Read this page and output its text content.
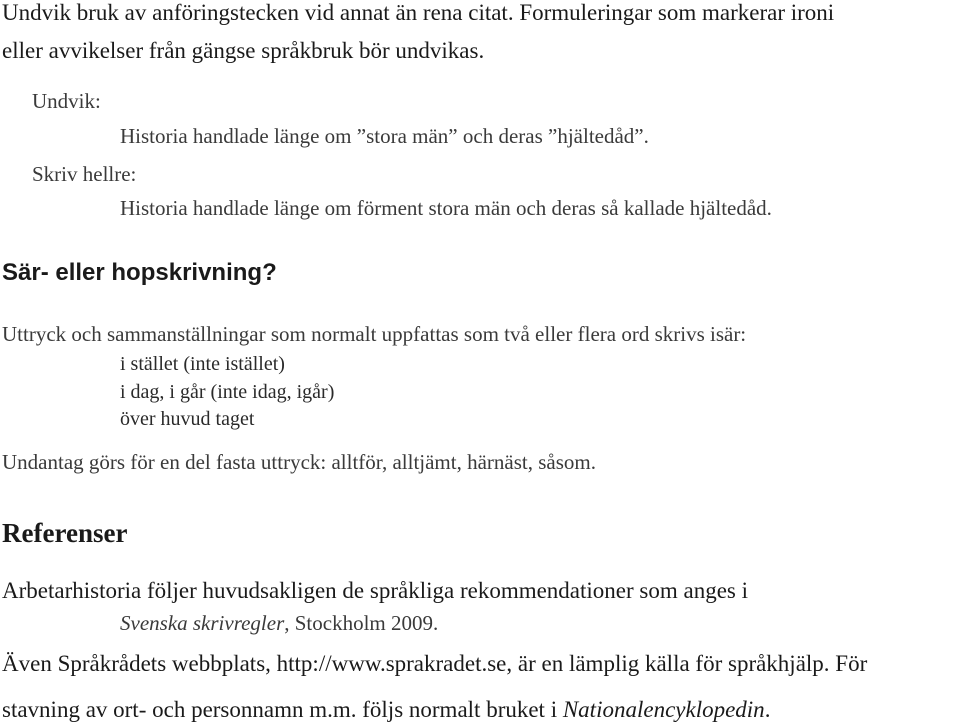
Undvik bruk av anföringstecken vid annat än rena citat. Formuleringar som markerar ironi
eller avvikelser från gängse språkbruk bör undvikas.
Undvik:
Historia handlade länge om ”stora män” och deras ”hjältedåd”.
Skriv hellre:
Historia handlade länge om förment stora män och deras så kallade hjältedåd.
Sär- eller hopskrivning?
Uttryck och sammanställningar som normalt uppfattas som två eller flera ord skrivs isär:
i stället (inte istället)
i dag, i går (inte idag, igår)
över huvud taget
Undantag görs för en del fasta uttryck: alltför, alltjämt, härnäst, såsom.
Referenser
Arbetarhistoria följer huvudsakligen de språkliga rekommendationer som anges i
Svenska skrivregler, Stockholm 2009.
Även Språkrådets webbplats, http://www.sprakradet.se, är en lämplig källa för språkhjälp. För
stavning av ort- och personnamn m.m. följs normalt bruket i Nationalencyklopedin.
